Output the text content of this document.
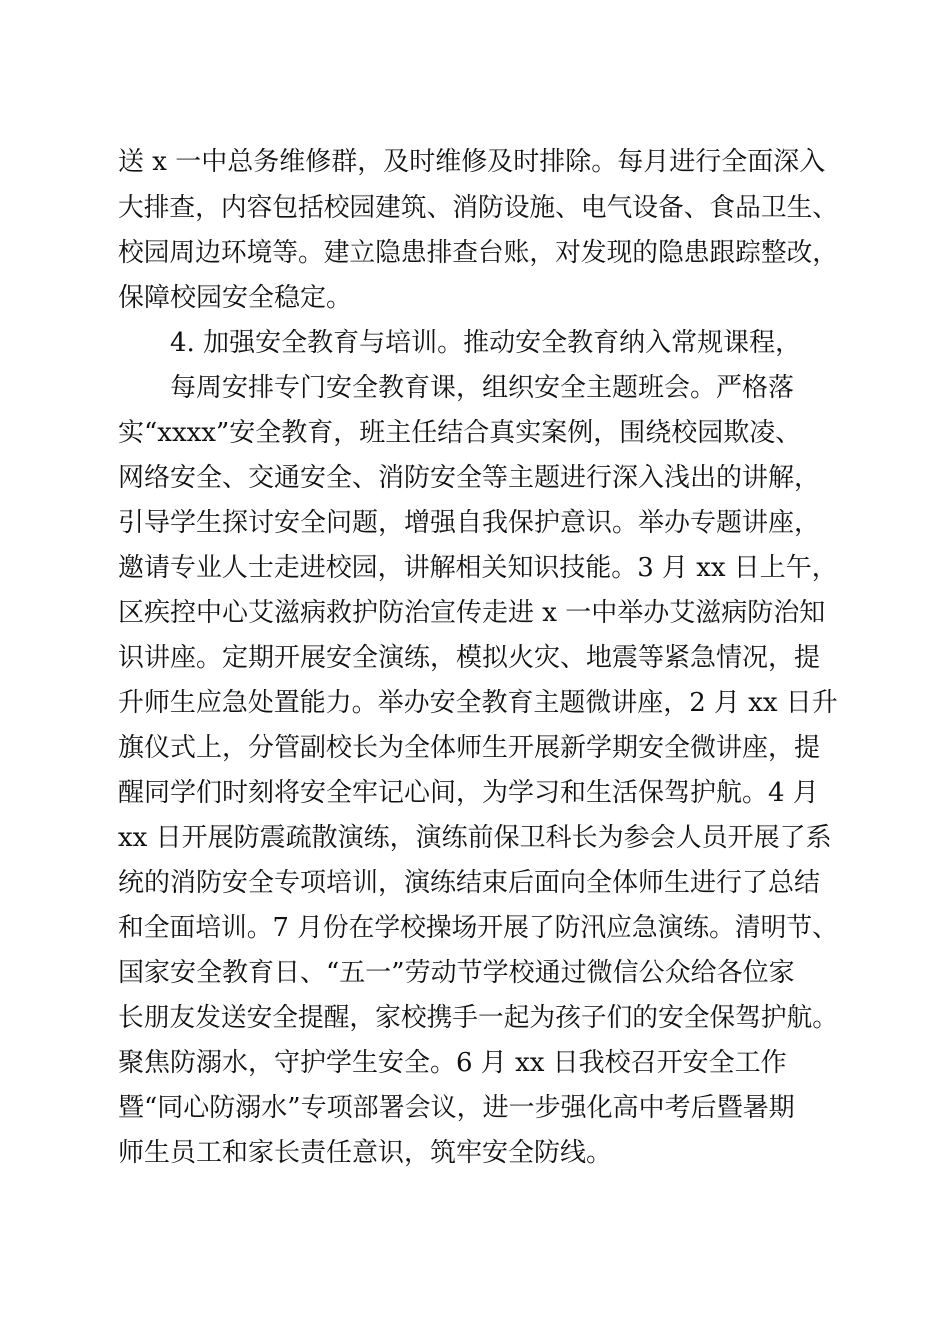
送 x 一中总务维修群，及时维修及时排除。每月进行全面深入

大排查，内容包括校园建筑、消防设施、电气设备、食品卫生、

校园周边环境等。建立隐患排查台账，对发现的隐患跟踪整改，

保障校园安全稳定。

4. 加强安全教育与培训。推动安全教育纳入常规课程，

每周安排专门安全教育课，组织安全主题班会。严格落

实“xxxx”安全教育，班主任结合真实案例，围绕校园欺凌、

网络安全、交通安全、消防安全等主题进行深入浅出的讲解，

引导学生探讨安全问题，增强自我保护意识。举办专题讲座，

邀请专业人士走进校园，讲解相关知识技能。3 月 xx 日上午，

区疾控中心艾滋病救护防治宣传走进 x 一中举办艾滋病防治知

识讲座。定期开展安全演练，模拟火灾、地震等紧急情况，提

升师生应急处置能力。举办安全教育主题微讲座，2 月 xx 日升

旗仪式上，分管副校长为全体师生开展新学期安全微讲座，提

醒同学们时刻将安全牢记心间，为学习和生活保驾护航。4 月

xx 日开展防震疏散演练，演练前保卫科长为参会人员开展了系

统的消防安全专项培训，演练结束后面向全体师生进行了总结

和全面培训。7 月份在学校操场开展了防汛应急演练。清明节、

国家安全教育日、“五一”劳动节学校通过微信公众给各位家

长朋友发送安全提醒，家校携手一起为孩子们的安全保驾护航。

聚焦防溺水，守护学生安全。6 月 xx 日我校召开安全工作

暨“同心防溺水”专项部署会议，进一步强化高中考后暨暑期

师生员工和家长责任意识，筑牢安全防线。
